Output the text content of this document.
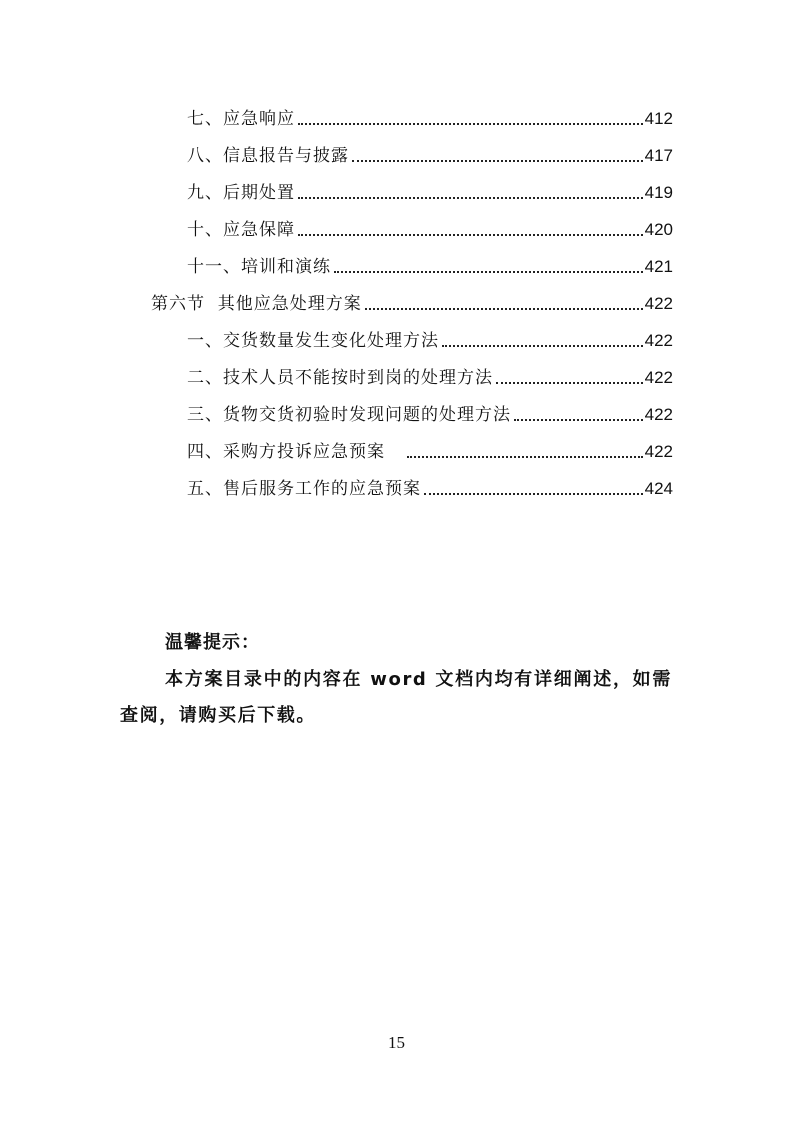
七、应急响应	412
八、信息报告与披露	417
九、后期处置	419
十、应急保障	420
十一、培训和演练	421
第六节  其他应急处理方案	422
一、交货数量发生变化处理方法	422
二、技术人员不能按时到岗的处理方法	422
三、货物交货初验时发现问题的处理方法	422
四、采购方投诉应急预案	422
五、售后服务工作的应急预案	424
温馨提示：
本方案目录中的内容在 word 文档内均有详细阐述，如需查阅，请购买后下载。
15
